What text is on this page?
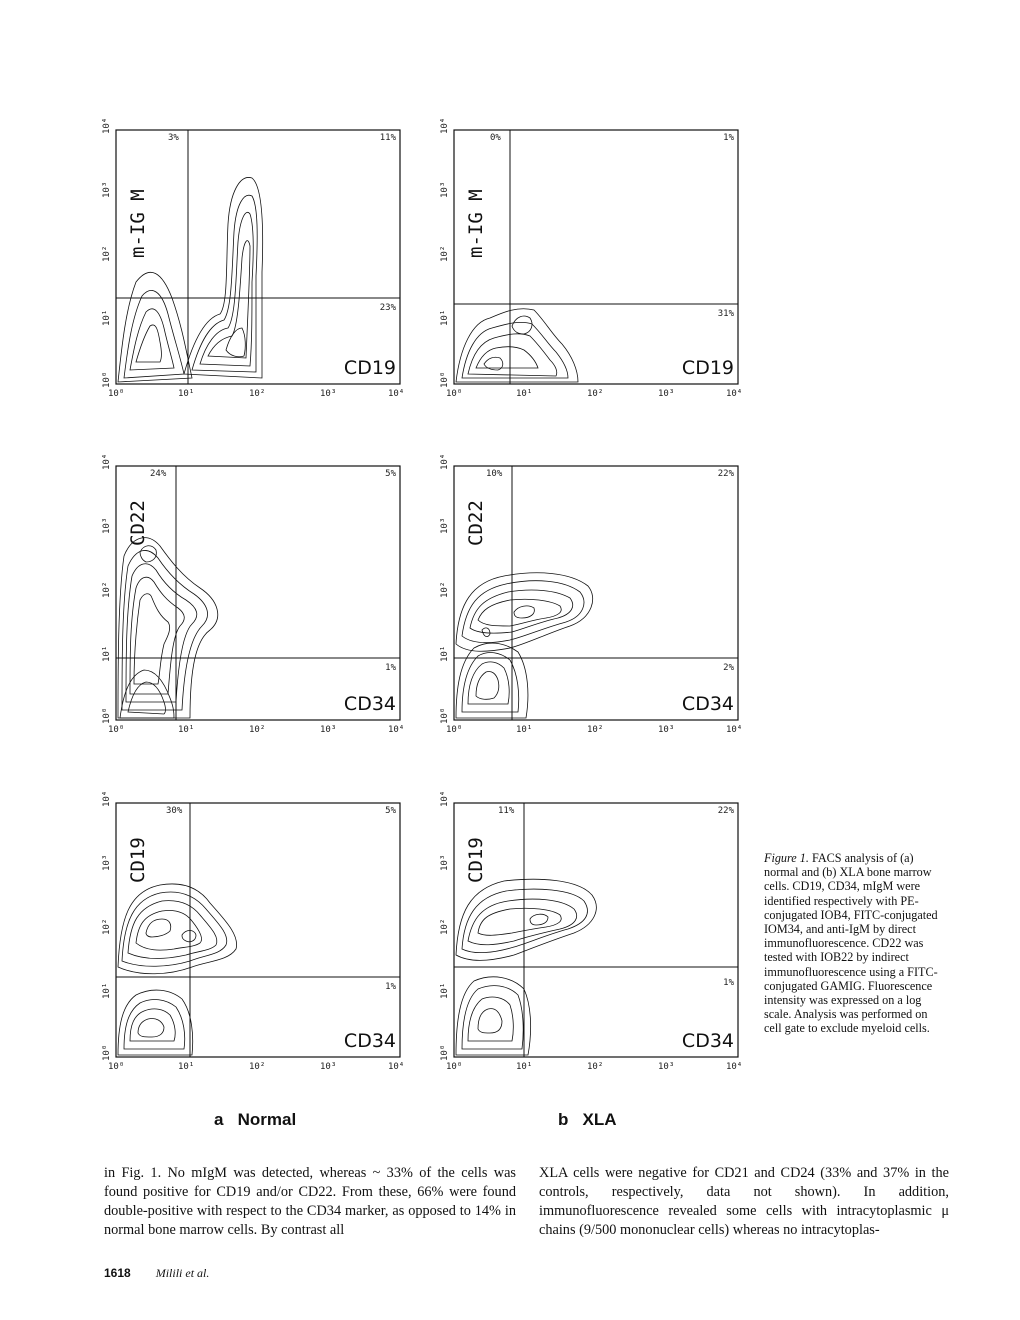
10⁰
10¹
10²
10³
10⁴
10⁰	10¹	10²	10³	10⁴
3%	11%
23%
m-IG M
CD19
10⁰
10¹
10²
10³
10⁴
10⁰	10¹	10²	10³	10⁴
0%	1%
31%
m-IG M
CD19
10⁰
10¹
10²
10³
10⁴
10⁰	10¹	10²	10³	10⁴
24%	5%
1%
CD22
CD34
10⁰
10¹
10²
10³
10⁴
10⁰	10¹	10²	10³	10⁴
10%	22%
2%
CD22
CD34
10⁰
10¹
10²
10³
10⁴
10⁰	10¹	10²	10³	10⁴
30%	5%
1%
CD19
CD34
10⁰
10¹
10²
10³
10⁴
10⁰	10¹	10²	10³	10⁴
11%	22%
1%
CD19
CD34
a   Normal	b   XLA
Figure 1. FACS analysis of (a) normal and (b) XLA bone marrow cells. CD19, CD34, mIgM were identified respectively with PE-conjugated IOB4, FITC-conjugated IOM34, and anti-IgM by direct immunofluorescence. CD22 was tested with IOB22 by indirect immunofluorescence using a FITC-conjugated GAMIG. Fluorescence intensity was expressed on a log scale. Analysis was performed on cell gate to exclude myeloid cells.
in Fig. 1. No mIgM was detected, whereas ~ 33% of the cells was found positive for CD19 and/or CD22. From these, 66% were found double-positive with respect to the CD34 marker, as opposed to 14% in normal bone marrow cells. By contrast all
XLA cells were negative for CD21 and CD24 (33% and 37% in the controls, respectively, data not shown). In addition, immunofluorescence revealed some cells with intracytoplasmic μ chains (9/500 mononuclear cells) whereas no intracytoplas-
1618 Milili et al.
